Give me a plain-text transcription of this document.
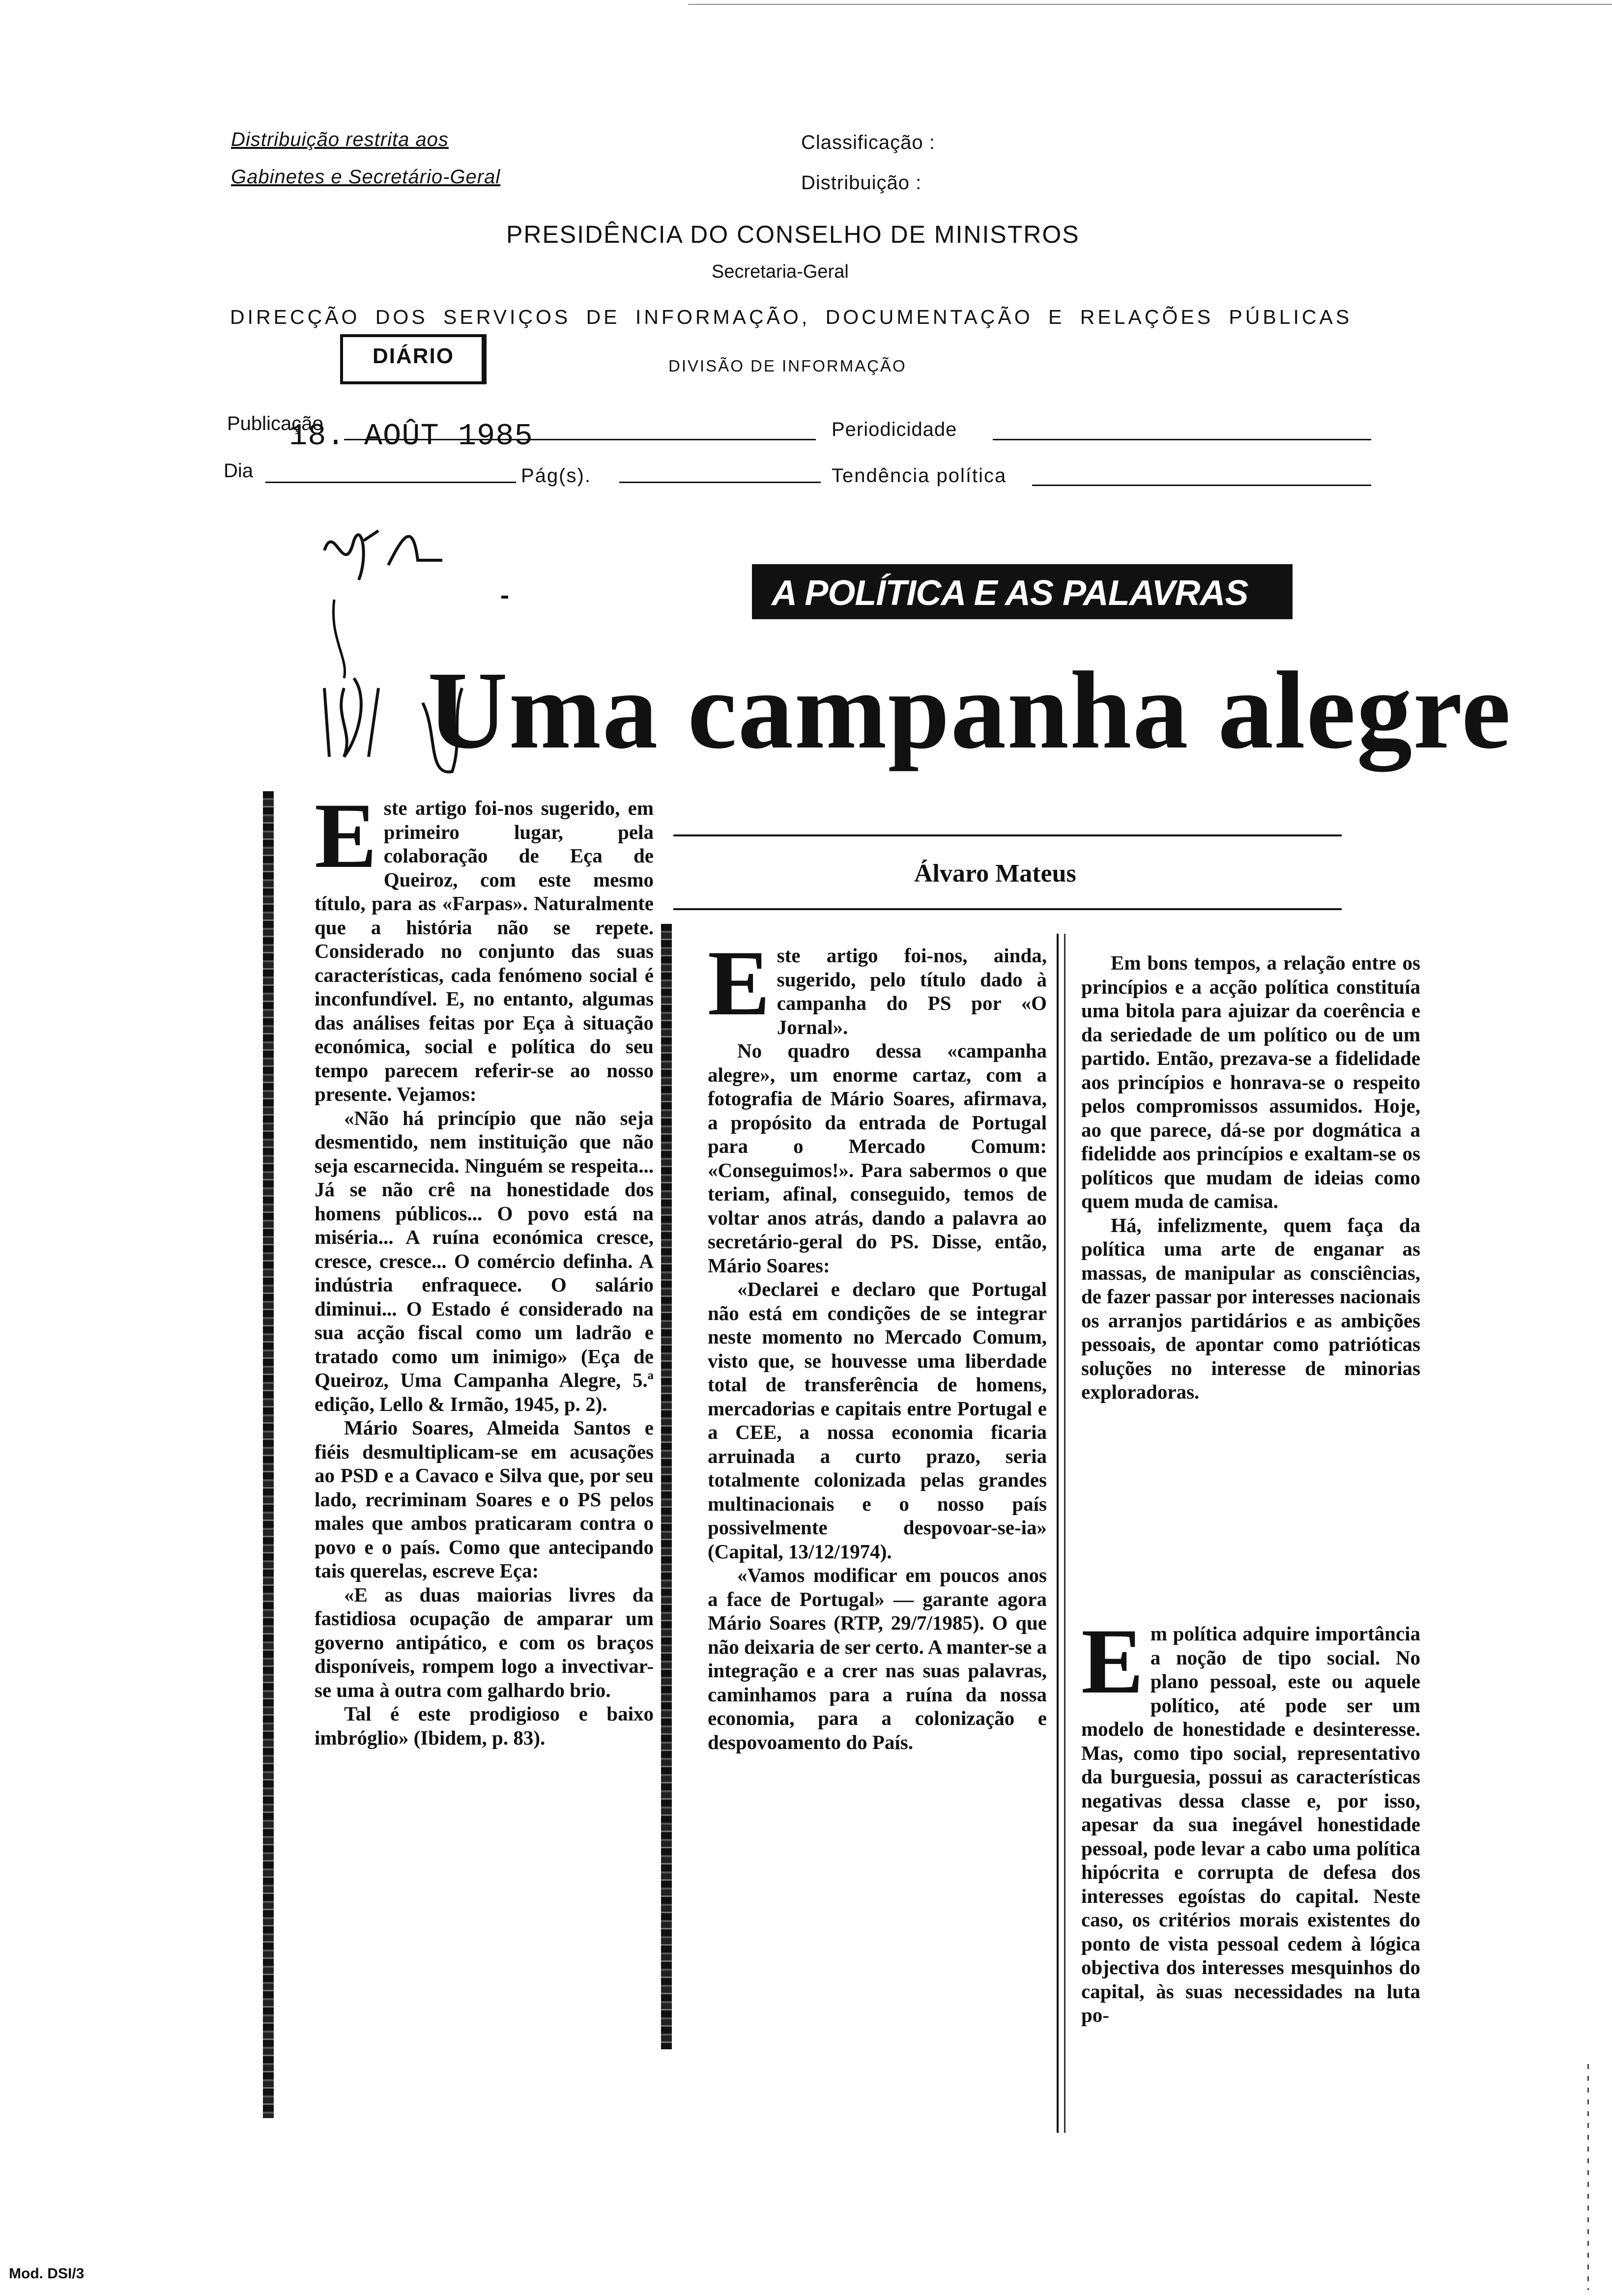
Distribuição restrita aos
Gabinetes e Secretário-Geral
Classificação :
Distribuição :
PRESIDÊNCIA DO CONSELHO DE MINISTROS
Secretaria-Geral
DIRECÇÃO DOS SERVIÇOS DE INFORMAÇÃO, DOCUMENTAÇÃO E RELAÇÕES PÚBLICAS
DIÁRIO	DIVISÃO DE INFORMAÇÃO
Publicação
18. AOÛT 1985	Periodicidade
Dia	Pág(s).	Tendência política
A POLÍTICA E AS PALAVRAS
Uma campanha alegre
Álvaro Mateus
E ste artigo foi-nos sugerido, em primeiro lugar, pela colaboração de Eça de Queiroz, com este mesmo título, para as «Farpas». Naturalmente que a história não se repete. Considerado no conjunto das suas características, cada fenómeno social é inconfundível. E, no entanto, algumas das análises feitas por Eça à situação económica, social e política do seu tempo parecem referir-se ao nosso presente. Vejamos:

«Não há princípio que não seja desmentido, nem instituição que não seja escarnecida. Ninguém se respeita... Já se não crê na honestidade dos homens públicos... O povo está na miséria... A ruína económica cresce, cresce, cresce... O comércio definha. A indústria enfraquece. O salário diminui... O Estado é considerado na sua acção fiscal como um ladrão e tratado como um inimigo» (Eça de Queiroz, Uma Campanha Alegre, 5.ª edição, Lello & Irmão, 1945, p. 2).

Mário Soares, Almeida Santos e fiéis desmultiplicam-se em acusações ao PSD e a Cavaco e Silva que, por seu lado, recriminam Soares e o PS pelos males que ambos praticaram contra o povo e o país. Como que antecipando tais querelas, escreve Eça:

«E as duas maiorias livres da fastidiosa ocupação de amparar um governo antipático, e com os braços disponíveis, rompem logo a invectivar-se uma à outra com galhardo brio.

Tal é este prodigioso e baixo imbróglio» (Ibidem, p. 83).

E ste artigo foi-nos, ainda, sugerido, pelo título dado à campanha do PS por «O Jornal».

No quadro dessa «campanha alegre», um enorme cartaz, com a fotografia de Mário Soares, afirmava, a propósito da entrada de Portugal para o Mercado Comum: «Conseguimos!». Para sabermos o que teriam, afinal, conseguido, temos de voltar anos atrás, dando a palavra ao secretário-geral do PS. Disse, então, Mário Soares:

«Declarei e declaro que Portugal não está em condições de se integrar neste momento no Mercado Comum, visto que, se houvesse uma liberdade total de transferência de homens, mercadorias e capitais entre Portugal e a CEE, a nossa economia ficaria arruinada a curto prazo, seria totalmente colonizada pelas grandes multinacionais e o nosso país possivelmente despovoar-se-ia» (Capital, 13/12/1974).

«Vamos modificar em poucos anos a face de Portugal» — garante agora Mário Soares (RTP, 29/7/1985). O que não deixaria de ser certo. A manter-se a integração e a crer nas suas palavras, caminhamos para a ruína da nossa economia, para a colonização e despovoamento do País.

Em bons tempos, a relação entre os princípios e a acção política constituía uma bitola para ajuizar da coerência e da seriedade de um político ou de um partido. Então, prezava-se a fidelidade aos princípios e honrava-se o respeito pelos compromissos assumidos. Hoje, ao que parece, dá-se por dogmática a fidelidde aos princípios e exaltam-se os políticos que mudam de ideias como quem muda de camisa.

Há, infelizmente, quem faça da política uma arte de enganar as massas, de manipular as consciências, de fazer passar por interesses nacionais os arranjos partidários e as ambições pessoais, de apontar como patrióticas soluções no interesse de minorias exploradoras.

E m política adquire importância a noção de tipo social. No plano pessoal, este ou aquele político, até pode ser um modelo de honestidade e desinteresse. Mas, como tipo social, representativo da burguesia, possui as características negativas dessa classe e, por isso, apesar da sua inegável honestidade pessoal, pode levar a cabo uma política hipócrita e corrupta de defesa dos interesses egoístas do capital. Neste caso, os critérios morais existentes do ponto de vista pessoal cedem à lógica objectiva dos interesses mesquinhos do capital, às suas necessidades na luta po-

Mod. DSI/3
